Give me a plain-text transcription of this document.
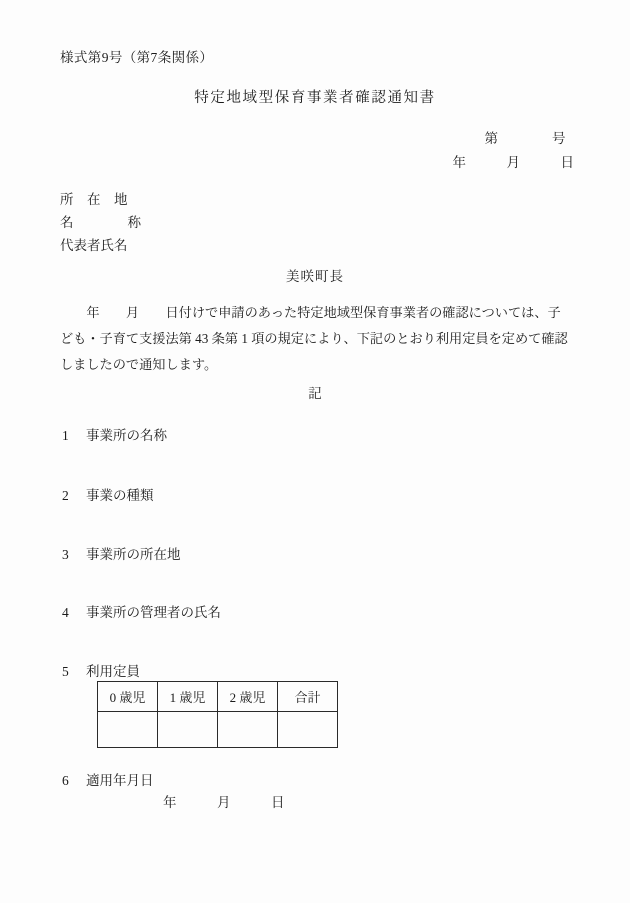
様式第9号（第7条関係）
特定地域型保育事業者確認通知書
第　　　　号
年　　　月　　　日
所　在　地
名　　　　称
代表者氏名
美咲町長

　　年　　月　　日付けで申請のあった特定地域型保育事業者の確認については、子ども・子育て支援法第 43 条第 1 項の規定により、下記のとおり利用定員を定めて確認しましたので通知します。

記
1 事業所の名称
2 事業の種類
3 事業所の所在地
4 事業所の管理者の氏名
5 利用定員
0 歳児	1 歳児	2 歳児	合計

6 適用年月日
年　　　月　　　日
